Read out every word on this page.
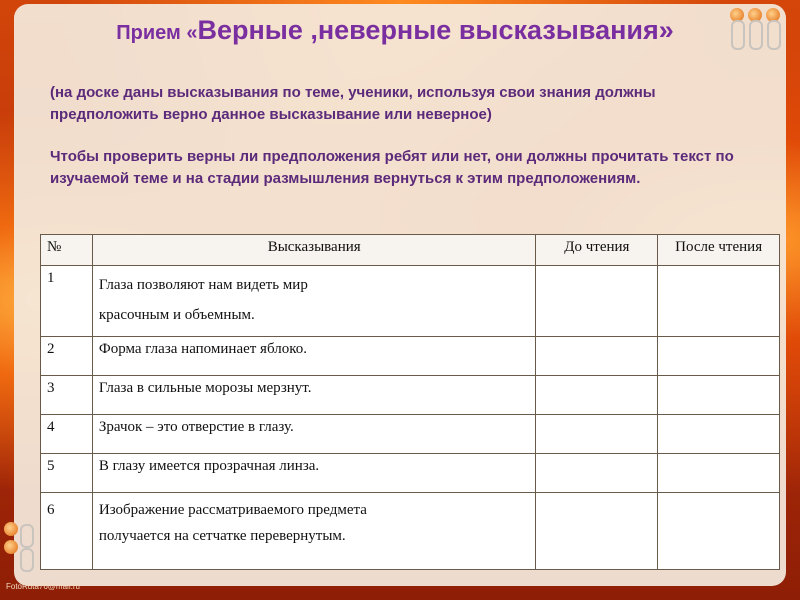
Прием «Верные ,неверные высказывания»
(на доске даны высказывания по теме, ученики, используя свои знания должны предположить верно данное высказывание или неверное)
Чтобы проверить верны ли предположения ребят или нет, они должны прочитать текст по изучаемой теме и на стадии размышления вернуться к этим предположениям.
№	Высказывания	До чтения	После чтения
1	Глаза позволяют нам видеть мир
красочным и объемным.		

2	Форма глаза напоминает яблоко.		
3	Глаза в сильные морозы мерзнут.		
4	Зрачок – это отверстие в глазу.		
5	В глазу имеется прозрачная линза.		
6	Изображение рассматриваемого предмета
получается на сетчатке перевернутым.		

FotoRuta76@mail.ru
